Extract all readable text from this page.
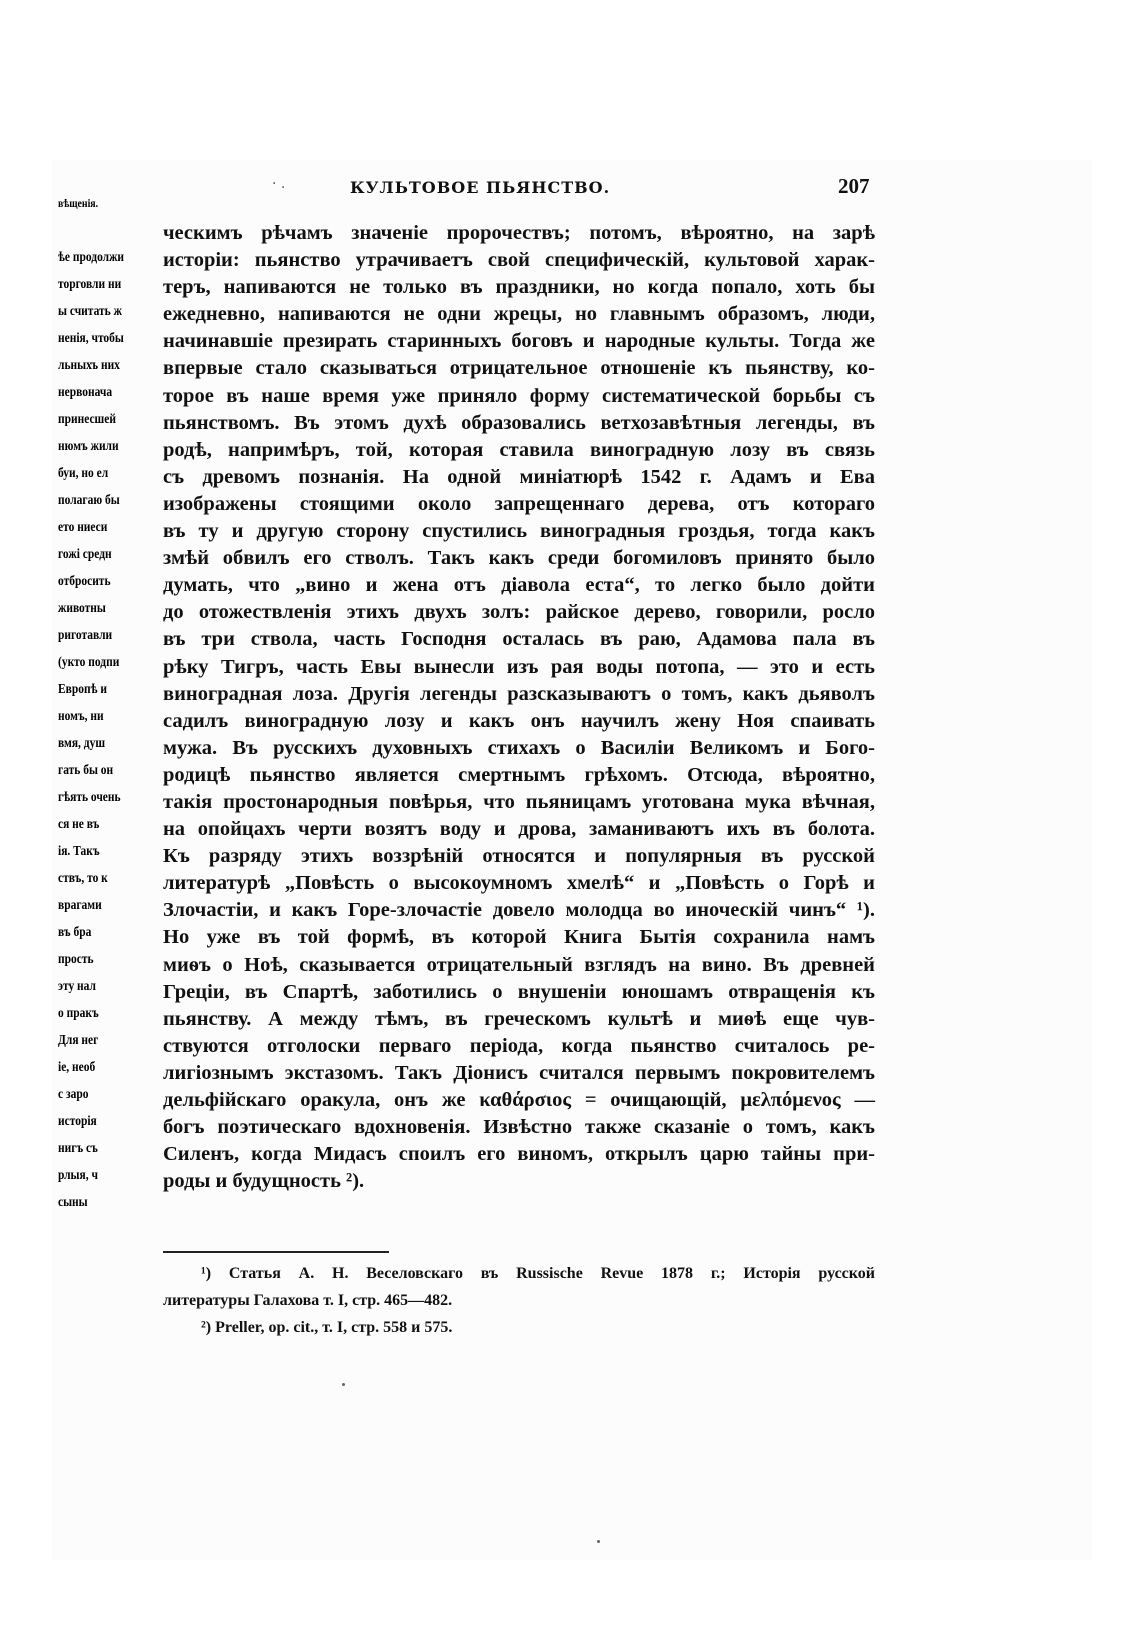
· .	КУЛЬТОВОЕ ПЬЯНСТВО.	207
вѣщенія.
ѣе продолжи
торговли ни
ы считать ж
ненія, чтобы
льныхъ них
нервонача
принесшей
нюмъ жили
буи, но ел
полагаю бы
ето ниеси
гожі средн
отбросить
животны
риготавли
(укто подпи
Европѣ и
номъ, ни
вмя, душ
гать бы он
гѣять очень
ся не въ
ія. Такъ
ствъ, то к
врагами
въ бра
прость
эту нал
о пракъ
Для нег
іе, необ
с заро
исторія
нигъ съ
рлыя, ч
сыны
ческимъ рѣчамъ значеніе пророчествъ; потомъ, вѣроятно, на зарѣ
исторіи: пьянство утрачиваетъ свой специфическій, культовой харак-
теръ, напиваются не только въ праздники, но когда попало, хоть бы
ежедневно, напиваются не одни жрецы, но главнымъ образомъ, люди,
начинавшіе презирать старинныхъ боговъ и народные культы. Тогда же
впервые стало сказываться отрицательное отношеніе къ пьянству, ко-
торое въ наше время уже приняло форму систематической борьбы съ
пьянствомъ. Въ этомъ духѣ образовались ветхозавѣтныя легенды, въ
родѣ, напримѣръ, той, которая ставила виноградную лозу въ связь
съ древомъ познанія. На одной миніатюрѣ 1542 г. Адамъ и Ева
изображены стоящими около запрещеннаго дерева, отъ котораго
въ ту и другую сторону спустились виноградныя гроздья, тогда какъ
змѣй обвилъ его стволъ. Такъ какъ среди богомиловъ принято было
думать, что „вино и жена отъ діавола еста“, то легко было дойти
до отожествленія этихъ двухъ золъ: райское дерево, говорили, росло
въ три ствола, часть Господня осталась въ раю, Адамова пала въ
рѣку Тигръ, часть Евы вынесли изъ рая воды потопа, — это и есть
виноградная лоза. Другія легенды разсказываютъ о томъ, какъ дьяволъ
садилъ виноградную лозу и какъ онъ научилъ жену Ноя спаивать
мужа. Въ русскихъ духовныхъ стихахъ о Василіи Великомъ и Бого-
родицѣ пьянство является смертнымъ грѣхомъ. Отсюда, вѣроятно,
такія простонародныя повѣрья, что пьяницамъ уготована мука вѣчная,
на опойцахъ черти возятъ воду и дрова, заманиваютъ ихъ въ болота.
Къ разряду этихъ воззрѣній относятся и популярныя въ русской
литературѣ „Повѣсть о высокоумномъ хмелѣ“ и „Повѣсть о Горѣ и
Злочастіи, и какъ Горе-злочастіе довело молодца во иноческій чинъ“ ¹).
Но уже въ той формѣ, въ которой Книга Бытія сохранила намъ
миѳъ о Ноѣ, сказывается отрицательный взглядъ на вино. Въ древней
Греціи, въ Спартѣ, заботились о внушеніи юношамъ отвращенія къ
пьянству. А между тѣмъ, въ греческомъ культѣ и миѳѣ еще чув-
ствуются отголоски перваго періода, когда пьянство считалось ре-
лигіознымъ экстазомъ. Такъ Діонисъ считался первымъ покровителемъ
дельфійскаго оракула, онъ же καθάρσιος = очищающій, μελπόμενος —
богъ поэтическаго вдохновенія. Извѣстно также сказаніе о томъ, какъ
Силенъ, когда Мидасъ споилъ его виномъ, открылъ царю тайны при-
роды и будущность ²).
¹) Статья А. Н. Веселовскаго въ Russische Revue 1878 г.; Исторія русской
литературы Галахова т. I, стр. 465—482.
²) Preller, op. cit., т. I, стр. 558 и 575.
